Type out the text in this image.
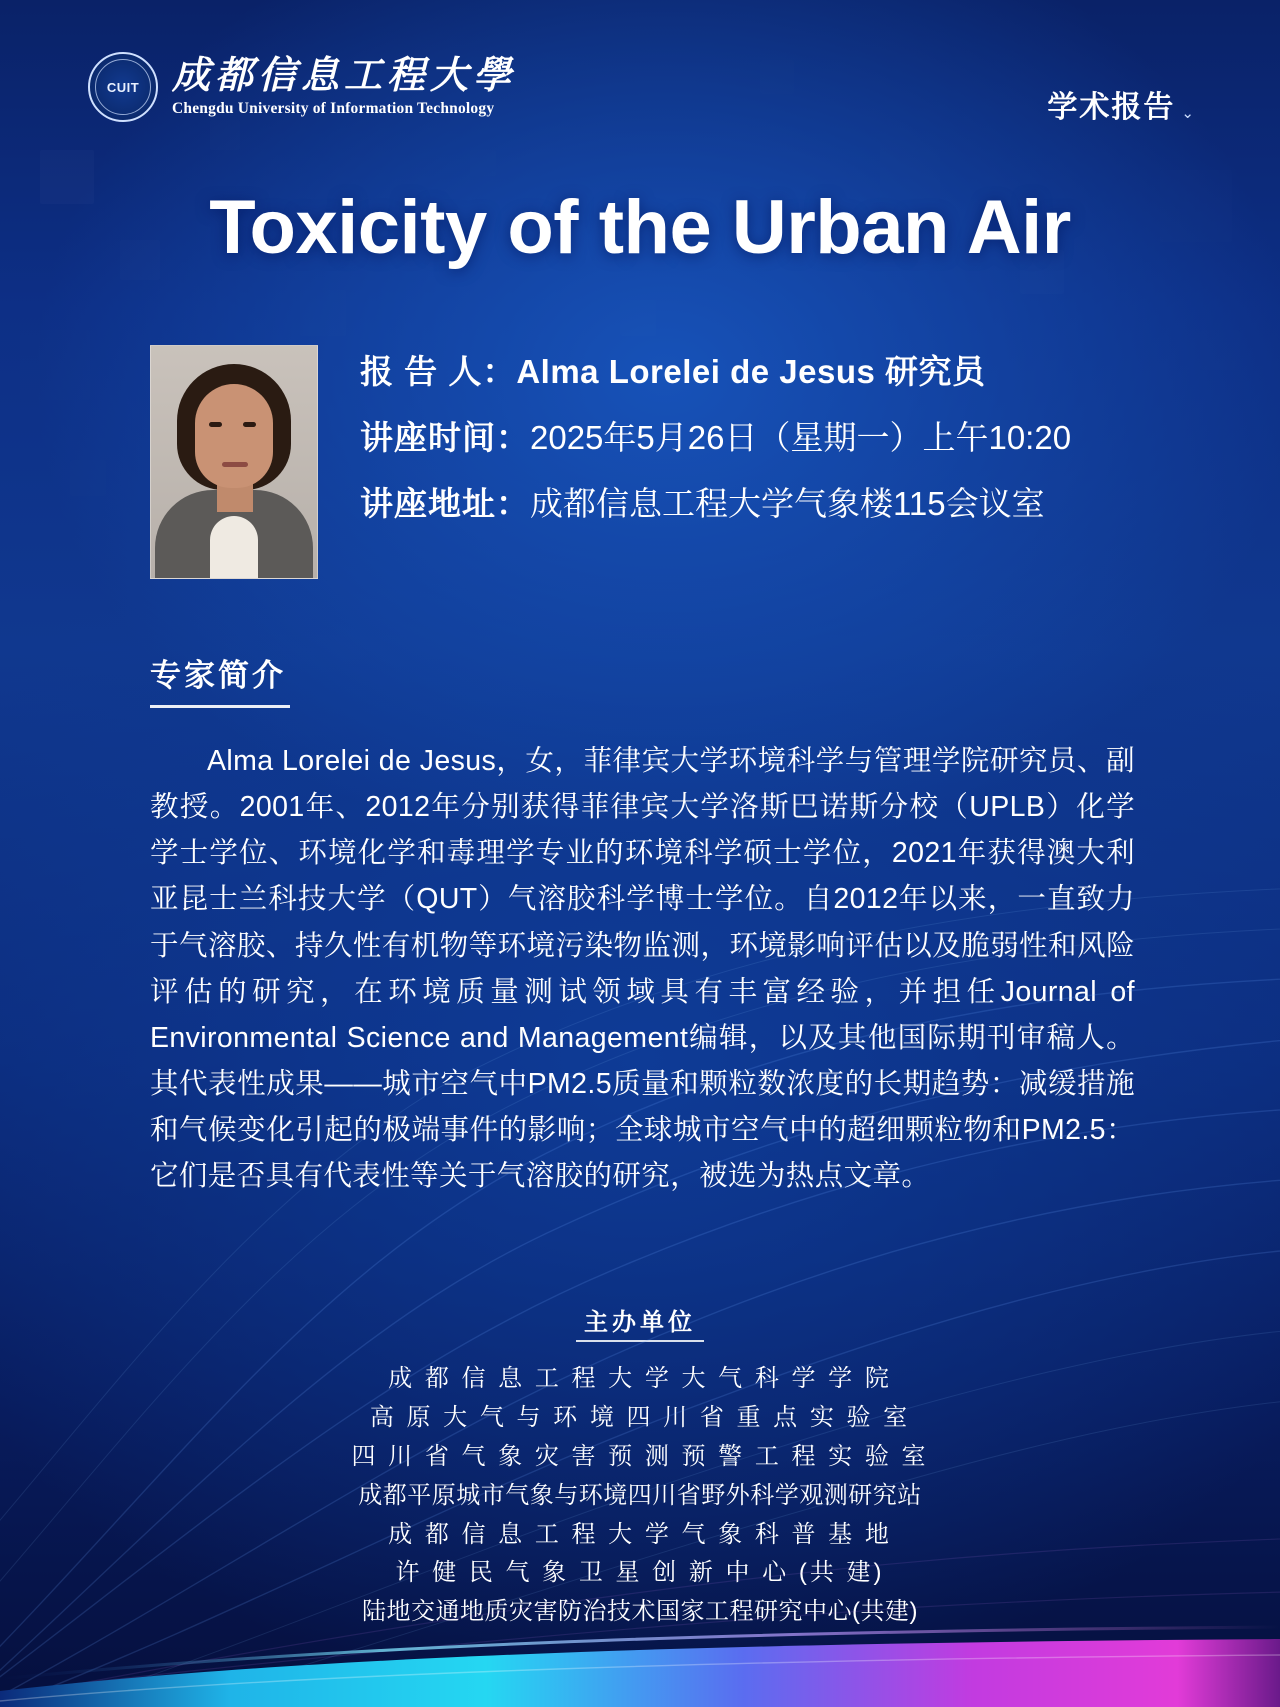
CUIT 成都信息工程大學
Chengdu University of Information Technology	学术报告 ⌄
Toxicity of the Urban Air
报 告 人：Alma Lorelei de Jesus 研究员
讲座时间：2025年5月26日（星期一）上午10:20
讲座地址：成都信息工程大学气象楼115会议室
专家简介
Alma Lorelei de Jesus，女，菲律宾大学环境科学与管理学院研究员、副教授。2001年、2012年分别获得菲律宾大学洛斯巴诺斯分校（UPLB）化学学士学位、环境化学和毒理学专业的环境科学硕士学位，2021年获得澳大利亚昆士兰科技大学（QUT）气溶胶科学博士学位。自2012年以来，一直致力于气溶胶、持久性有机物等环境污染物监测，环境影响评估以及脆弱性和风险评估的研究，在环境质量测试领域具有丰富经验，并担任Journal of Environmental Science and Management编辑，以及其他国际期刊审稿人。其代表性成果——城市空气中PM2.5质量和颗粒数浓度的长期趋势：减缓措施和气候变化引起的极端事件的影响；全球城市空气中的超细颗粒物和PM2.5：它们是否具有代表性等关于气溶胶的研究，被选为热点文章。
主办单位
成 都 信 息 工 程 大 学 大 气 科 学 学 院
高 原 大 气 与 环 境 四 川 省 重 点 实 验 室
四 川 省 气 象 灾 害 预 测 预 警 工 程 实 验 室
成都平原城市气象与环境四川省野外科学观测研究站
成 都 信 息 工 程 大 学 气 象 科 普 基 地
许 健 民 气 象 卫 星 创 新 中 心 (共 建)
陆地交通地质灾害防治技术国家工程研究中心(共建)
